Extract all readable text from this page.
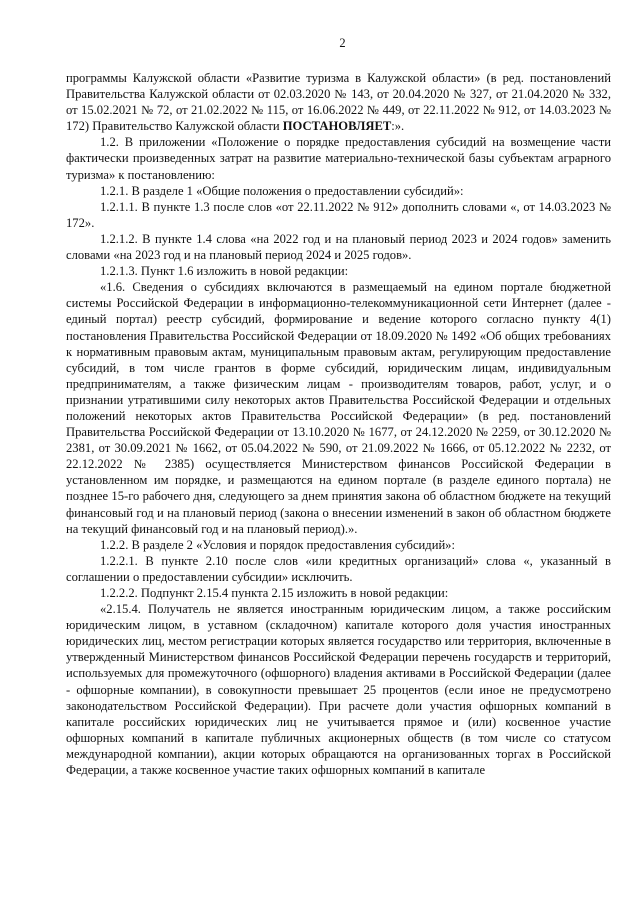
2

программы Калужской области «Развитие туризма в Калужской области» (в ред. постановлений Правительства Калужской области от 02.03.2020 № 143, от 20.04.2020 № 327, от 21.04.2020 № 332, от 15.02.2021 № 72, от 21.02.2022 № 115, от 16.06.2022 № 449, от 22.11.2022 № 912, от 14.03.2023 № 172) Правительство Калужской области ПОСТАНОВЛЯЕТ:».

1.2. В приложении «Положение о порядке предоставления субсидий на возмещение части фактически произведенных затрат на развитие материально-технической базы субъектам аграрного туризма» к постановлению:

1.2.1. В разделе 1 «Общие положения о предоставлении субсидий»:

1.2.1.1. В пункте 1.3 после слов «от 22.11.2022 № 912» дополнить словами «, от 14.03.2023 № 172».

1.2.1.2. В пункте 1.4 слова «на 2022 год и на плановый период 2023 и 2024 годов» заменить словами «на 2023 год и на плановый период 2024 и 2025 годов».

1.2.1.3. Пункт 1.6 изложить в новой редакции:

«1.6. Сведения о субсидиях включаются в размещаемый на едином портале бюджетной системы Российской Федерации в информационно-телекоммуникационной сети Интернет (далее - единый портал) реестр субсидий, формирование и ведение которого согласно пункту 4(1) постановления Правительства Российской Федерации от 18.09.2020 № 1492 «Об общих требованиях к нормативным правовым актам, муниципальным правовым актам, регулирующим предоставление субсидий, в том числе грантов в форме субсидий, юридическим лицам, индивидуальным предпринимателям, а также физическим лицам - производителям товаров, работ, услуг, и о признании утратившими силу некоторых актов Правительства Российской Федерации и отдельных положений некоторых актов Правительства Российской Федерации» (в ред. постановлений Правительства Российской Федерации от 13.10.2020 № 1677, от 24.12.2020 № 2259, от 30.12.2020 № 2381, от 30.09.2021 № 1662, от 05.04.2022 № 590, от 21.09.2022 № 1666, от 05.12.2022 № 2232, от 22.12.2022 № 2385) осуществляется Министерством финансов Российской Федерации в установленном им порядке, и размещаются на едином портале (в разделе единого портала) не позднее 15-го рабочего дня, следующего за днем принятия закона об областном бюджете на текущий финансовый год и на плановый период (закона о внесении изменений в закон об областном бюджете на текущий финансовый год и на плановый период).».

1.2.2. В разделе 2 «Условия и порядок предоставления субсидий»:

1.2.2.1. В пункте 2.10 после слов «или кредитных организаций» слова «, указанный в соглашении о предоставлении субсидии» исключить.

1.2.2.2. Подпункт 2.15.4 пункта 2.15 изложить в новой редакции:

«2.15.4. Получатель не является иностранным юридическим лицом, а также российским юридическим лицом, в уставном (складочном) капитале которого доля участия иностранных юридических лиц, местом регистрации которых является государство или территория, включенные в утвержденный Министерством финансов Российской Федерации перечень государств и территорий, используемых для промежуточного (офшорного) владения активами в Российской Федерации (далее - офшорные компании), в совокупности превышает 25 процентов (если иное не предусмотрено законодательством Российской Федерации). При расчете доли участия офшорных компаний в капитале российских юридических лиц не учитывается прямое и (или) косвенное участие офшорных компаний в капитале публичных акционерных обществ (в том числе со статусом международной компании), акции которых обращаются на организованных торгах в Российской Федерации, а также косвенное участие таких офшорных компаний в капитале
